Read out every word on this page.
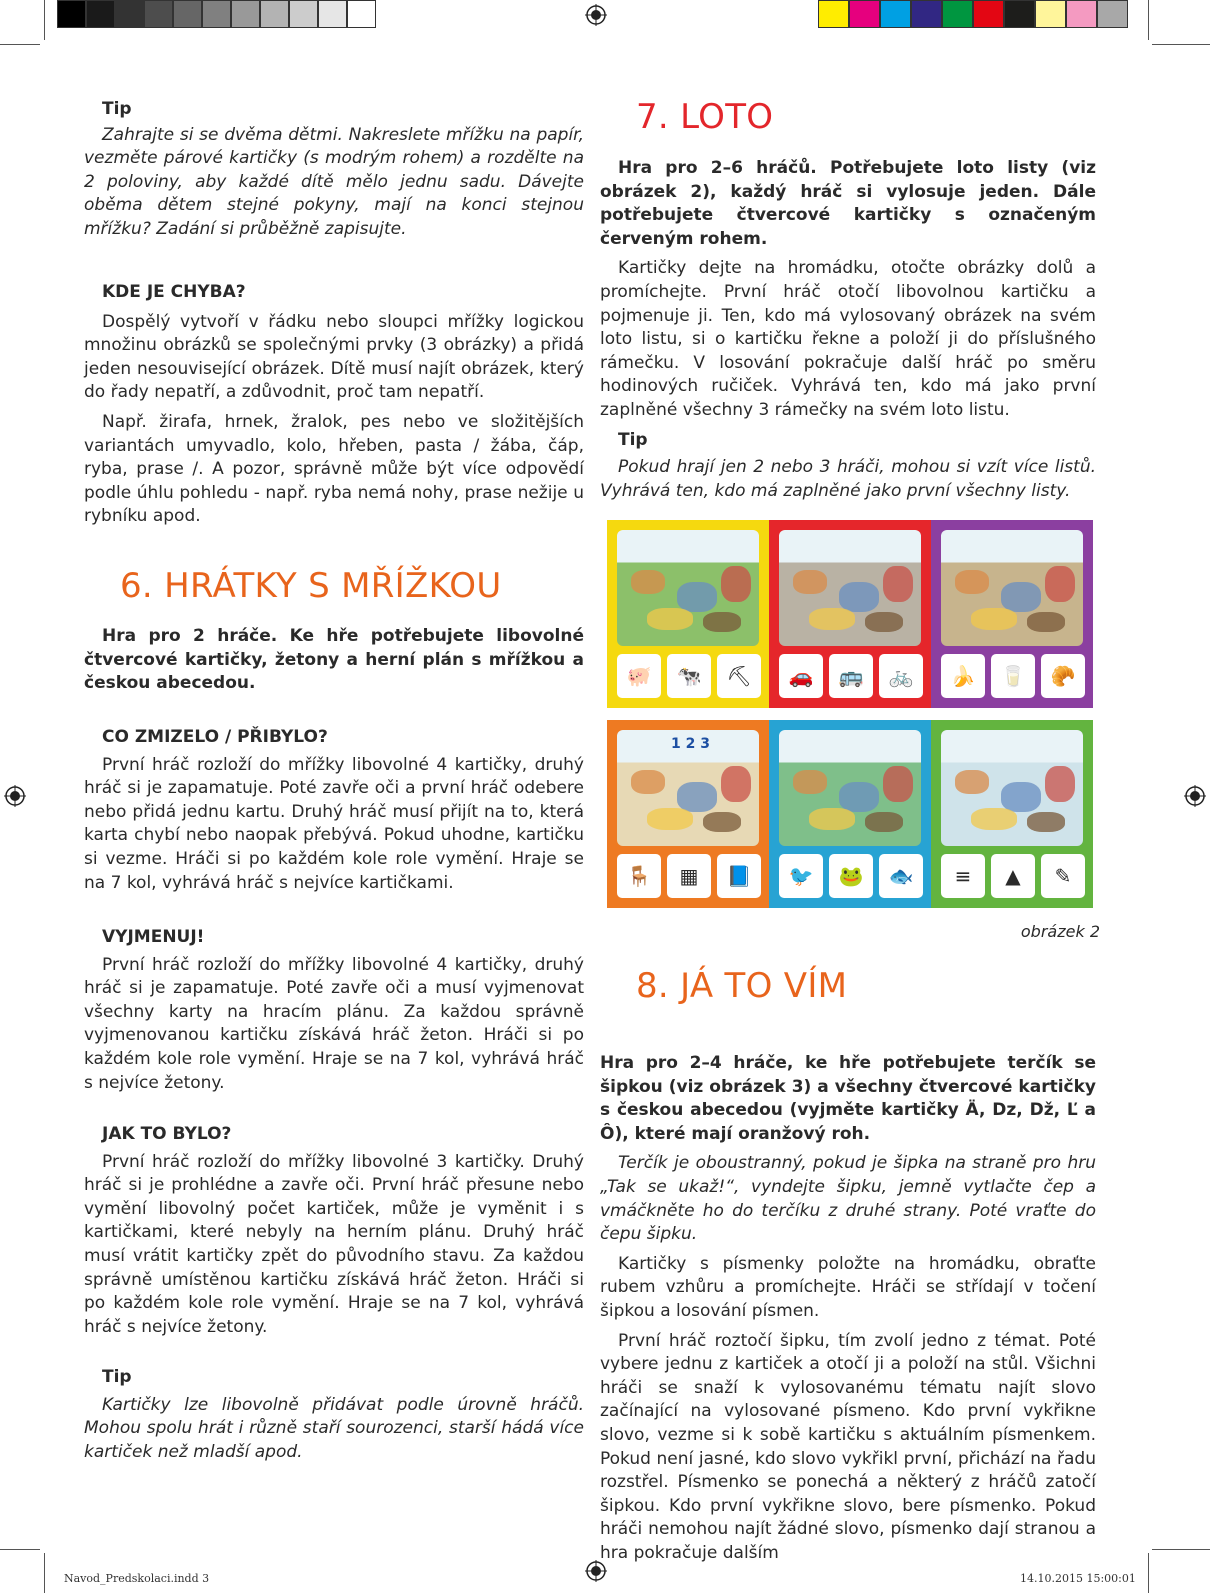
Tip

Zahrajte si se dvěma dětmi. Nakreslete mřížku na papír, vezměte párové kartičky (s modrým rohem) a rozdělte na 2 poloviny, aby každé dítě mělo jednu sadu. Dávejte oběma dětem stejné pokyny, mají na konci stejnou mřížku? Zadání si průběžně zapisujte.

KDE JE CHYBA?

Dospělý vytvoří v řádku nebo sloupci mřížky logickou množinu obrázků se společnými prvky (3 obrázky) a přidá jeden nesouvisející obrázek. Dítě musí najít obrázek, který do řady nepatří, a zdůvodnit, proč tam nepatří.

Např. žirafa, hrnek, žralok, pes nebo ve složitějších variantách umyvadlo, kolo, hřeben, pasta / žába, čáp, ryba, prase /. A pozor, správně může být více odpovědí podle úhlu pohledu - např. ryba nemá nohy, prase nežije u rybníku apod.

6. HRÁTKY S MŘÍŽKOU

Hra pro 2 hráče. Ke hře potřebujete libovolné čtvercové kartičky, žetony a herní plán s mřížkou a českou abecedou.

CO ZMIZELO / PŘIBYLO?

První hráč rozloží do mřížky libovolné 4 kartičky, druhý hráč si je zapamatuje. Poté zavře oči a první hráč odebere nebo přidá jednu kartu. Druhý hráč musí přijít na to, která karta chybí nebo naopak přebývá. Pokud uhodne, kartičku si vezme. Hráči si po každém kole role vymění. Hraje se na 7 kol, vyhrává hráč s nejvíce kartičkami.

VYJMENUJ!

První hráč rozloží do mřížky libovolné 4 kartičky, druhý hráč si je zapamatuje. Poté zavře oči a musí vyjmenovat všechny karty na hracím plánu. Za každou správně vyjmenovanou kartičku získává hráč žeton. Hráči si po každém kole role vymění. Hraje se na 7 kol, vyhrává hráč s nejvíce žetony.

JAK TO BYLO?

První hráč rozloží do mřížky libovolné 3 kartičky. Druhý hráč si je prohlédne a zavře oči. První hráč přesune nebo vymění libovolný počet kartiček, může je vyměnit i s kartičkami, které nebyly na herním plánu. Druhý hráč musí vrátit kartičky zpět do původního stavu. Za každou správně umístěnou kartičku získává hráč žeton. Hráči si po každém kole role vymění. Hraje se na 7 kol, vyhrává hráč s nejvíce žetony.

Tip

Kartičky lze libovolně přidávat podle úrovně hráčů. Mohou spolu hrát i různě staří sourozenci, starší hádá více kartiček než mladší apod.

7. LOTO

Hra pro 2–6 hráčů. Potřebujete loto listy (viz obrázek 2), každý hráč si vylosuje jeden. Dále potřebujete čtvercové kartičky s označeným červeným rohem.

Kartičky dejte na hromádku, otočte obrázky dolů a promíchejte. První hráč otočí libovolnou kartičku a pojmenuje ji. Ten, kdo má vylosovaný obrázek na svém loto listu, si o kartičku řekne a položí ji do příslušného rámečku. V losování pokračuje další hráč po směru hodinových ručiček. Vyhrává ten, kdo má jako první zaplněné všechny 3 rámečky na svém loto listu.

Tip

Pokud hrají jen 2 nebo 3 hráči, mohou si vzít více listů. Vyhrává ten, kdo má zaplněné jako první všechny listy.

🐖	🐄	⛏	🚗	🚌	🚲	🍌	🥛	🥐
1 2 3
🪑	▦	📘	🐦	🐸	🐟	≡	▲	✎
obrázek 2
8. JÁ TO VÍM

Hra pro 2–4 hráče, ke hře potřebujete terčík se šipkou (viz obrázek 3) a všechny čtvercové kartičky s českou abecedou (vyjměte kartičky Ä, Dz, Dž, Ľ a Ô), které mají oranžový roh.

Terčík je oboustranný, pokud je šipka na straně pro hru „Tak se ukaž!“, vyndejte šipku, jemně vytlačte čep a vmáčkněte ho do terčíku z druhé strany. Poté vraťte do čepu šipku.

Kartičky s písmenky položte na hromádku, obraťte rubem vzhůru a promíchejte. Hráči se střídají v točení šipkou a losování písmen.

První hráč roztočí šipku, tím zvolí jedno z témat. Poté vybere jednu z kartiček a otočí ji a položí na stůl. Všichni hráči se snaží k vylosovanému tématu najít slovo začínající na vylosované písmeno. Kdo první vykřikne slovo, vezme si k sobě kartičku s aktuálním písmenkem. Pokud není jasné, kdo slovo vykřikl první, přichází na řadu rozstřel. Písmenko se ponechá a některý z hráčů zatočí šipkou. Kdo první vykřikne slovo, bere písmenko. Pokud hráči nemohou najít žádné slovo, písmenko dají stranou a hra pokračuje dalším

Navod_Predskolaci.indd 3	14.10.2015 15:00:01
